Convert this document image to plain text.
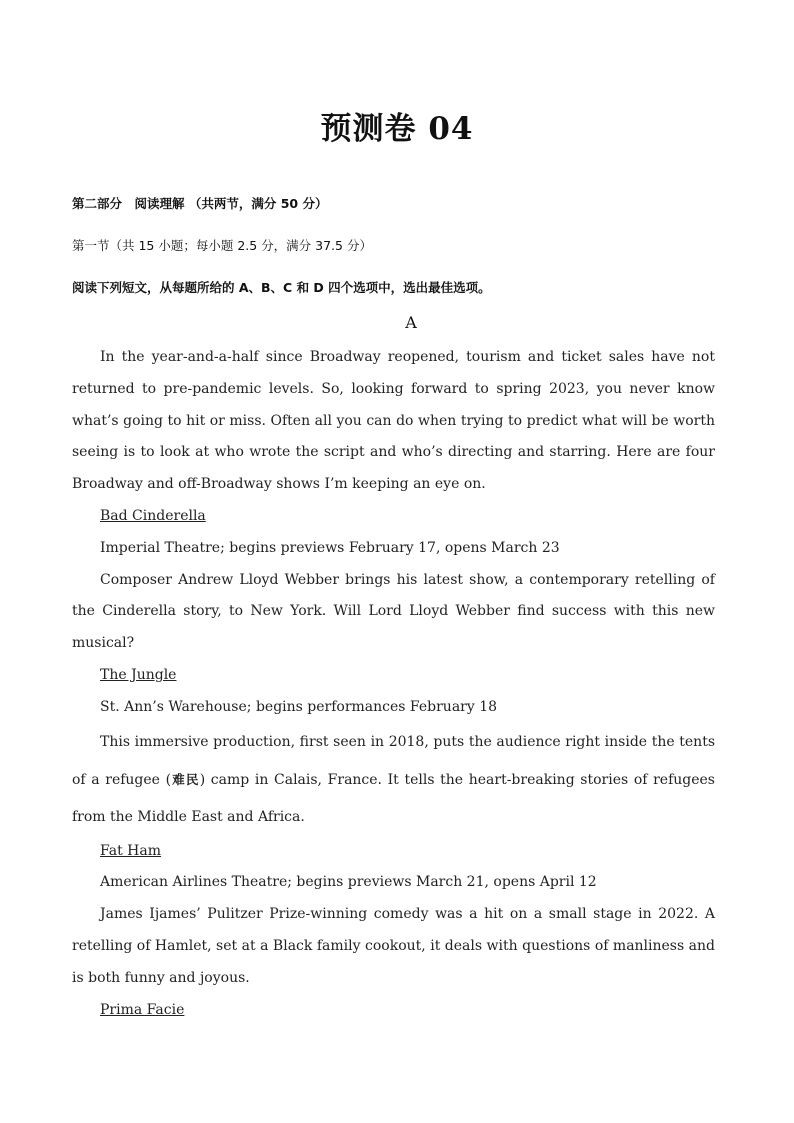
预测卷 04
第二部分　阅读理解 （共两节，满分 50 分）
第一节（共 15 小题；每小题 2.5 分，满分 37.5 分）
阅读下列短文，从每题所给的 A、B、C 和 D 四个选项中，选出最佳选项。
A

In the year-and-a-half since Broadway reopened, tourism and ticket sales have not returned to pre-pandemic levels. So, looking forward to spring 2023, you never know what’s going to hit or miss. Often all you can do when trying to predict what will be worth seeing is to look at who wrote the script and who’s directing and starring. Here are four Broadway and off-Broadway shows I’m keeping an eye on.

Bad Cinderella

Imperial Theatre; begins previews February 17, opens March 23

Composer Andrew Lloyd Webber brings his latest show, a contemporary retelling of the Cinderella story, to New York. Will Lord Lloyd Webber find success with this new musical?

The Jungle

St. Ann’s Warehouse; begins performances February 18

This immersive production, first seen in 2018, puts the audience right inside the tents of a refugee (难民) camp in Calais, France. It tells the heart-breaking stories of refugees from the Middle East and Africa.

Fat Ham

American Airlines Theatre; begins previews March 21, opens April 12

James Ijames’ Pulitzer Prize-winning comedy was a hit on a small stage in 2022. A retelling of Hamlet, set at a Black family cookout, it deals with questions of manliness and is both funny and joyous.

Prima Facie
